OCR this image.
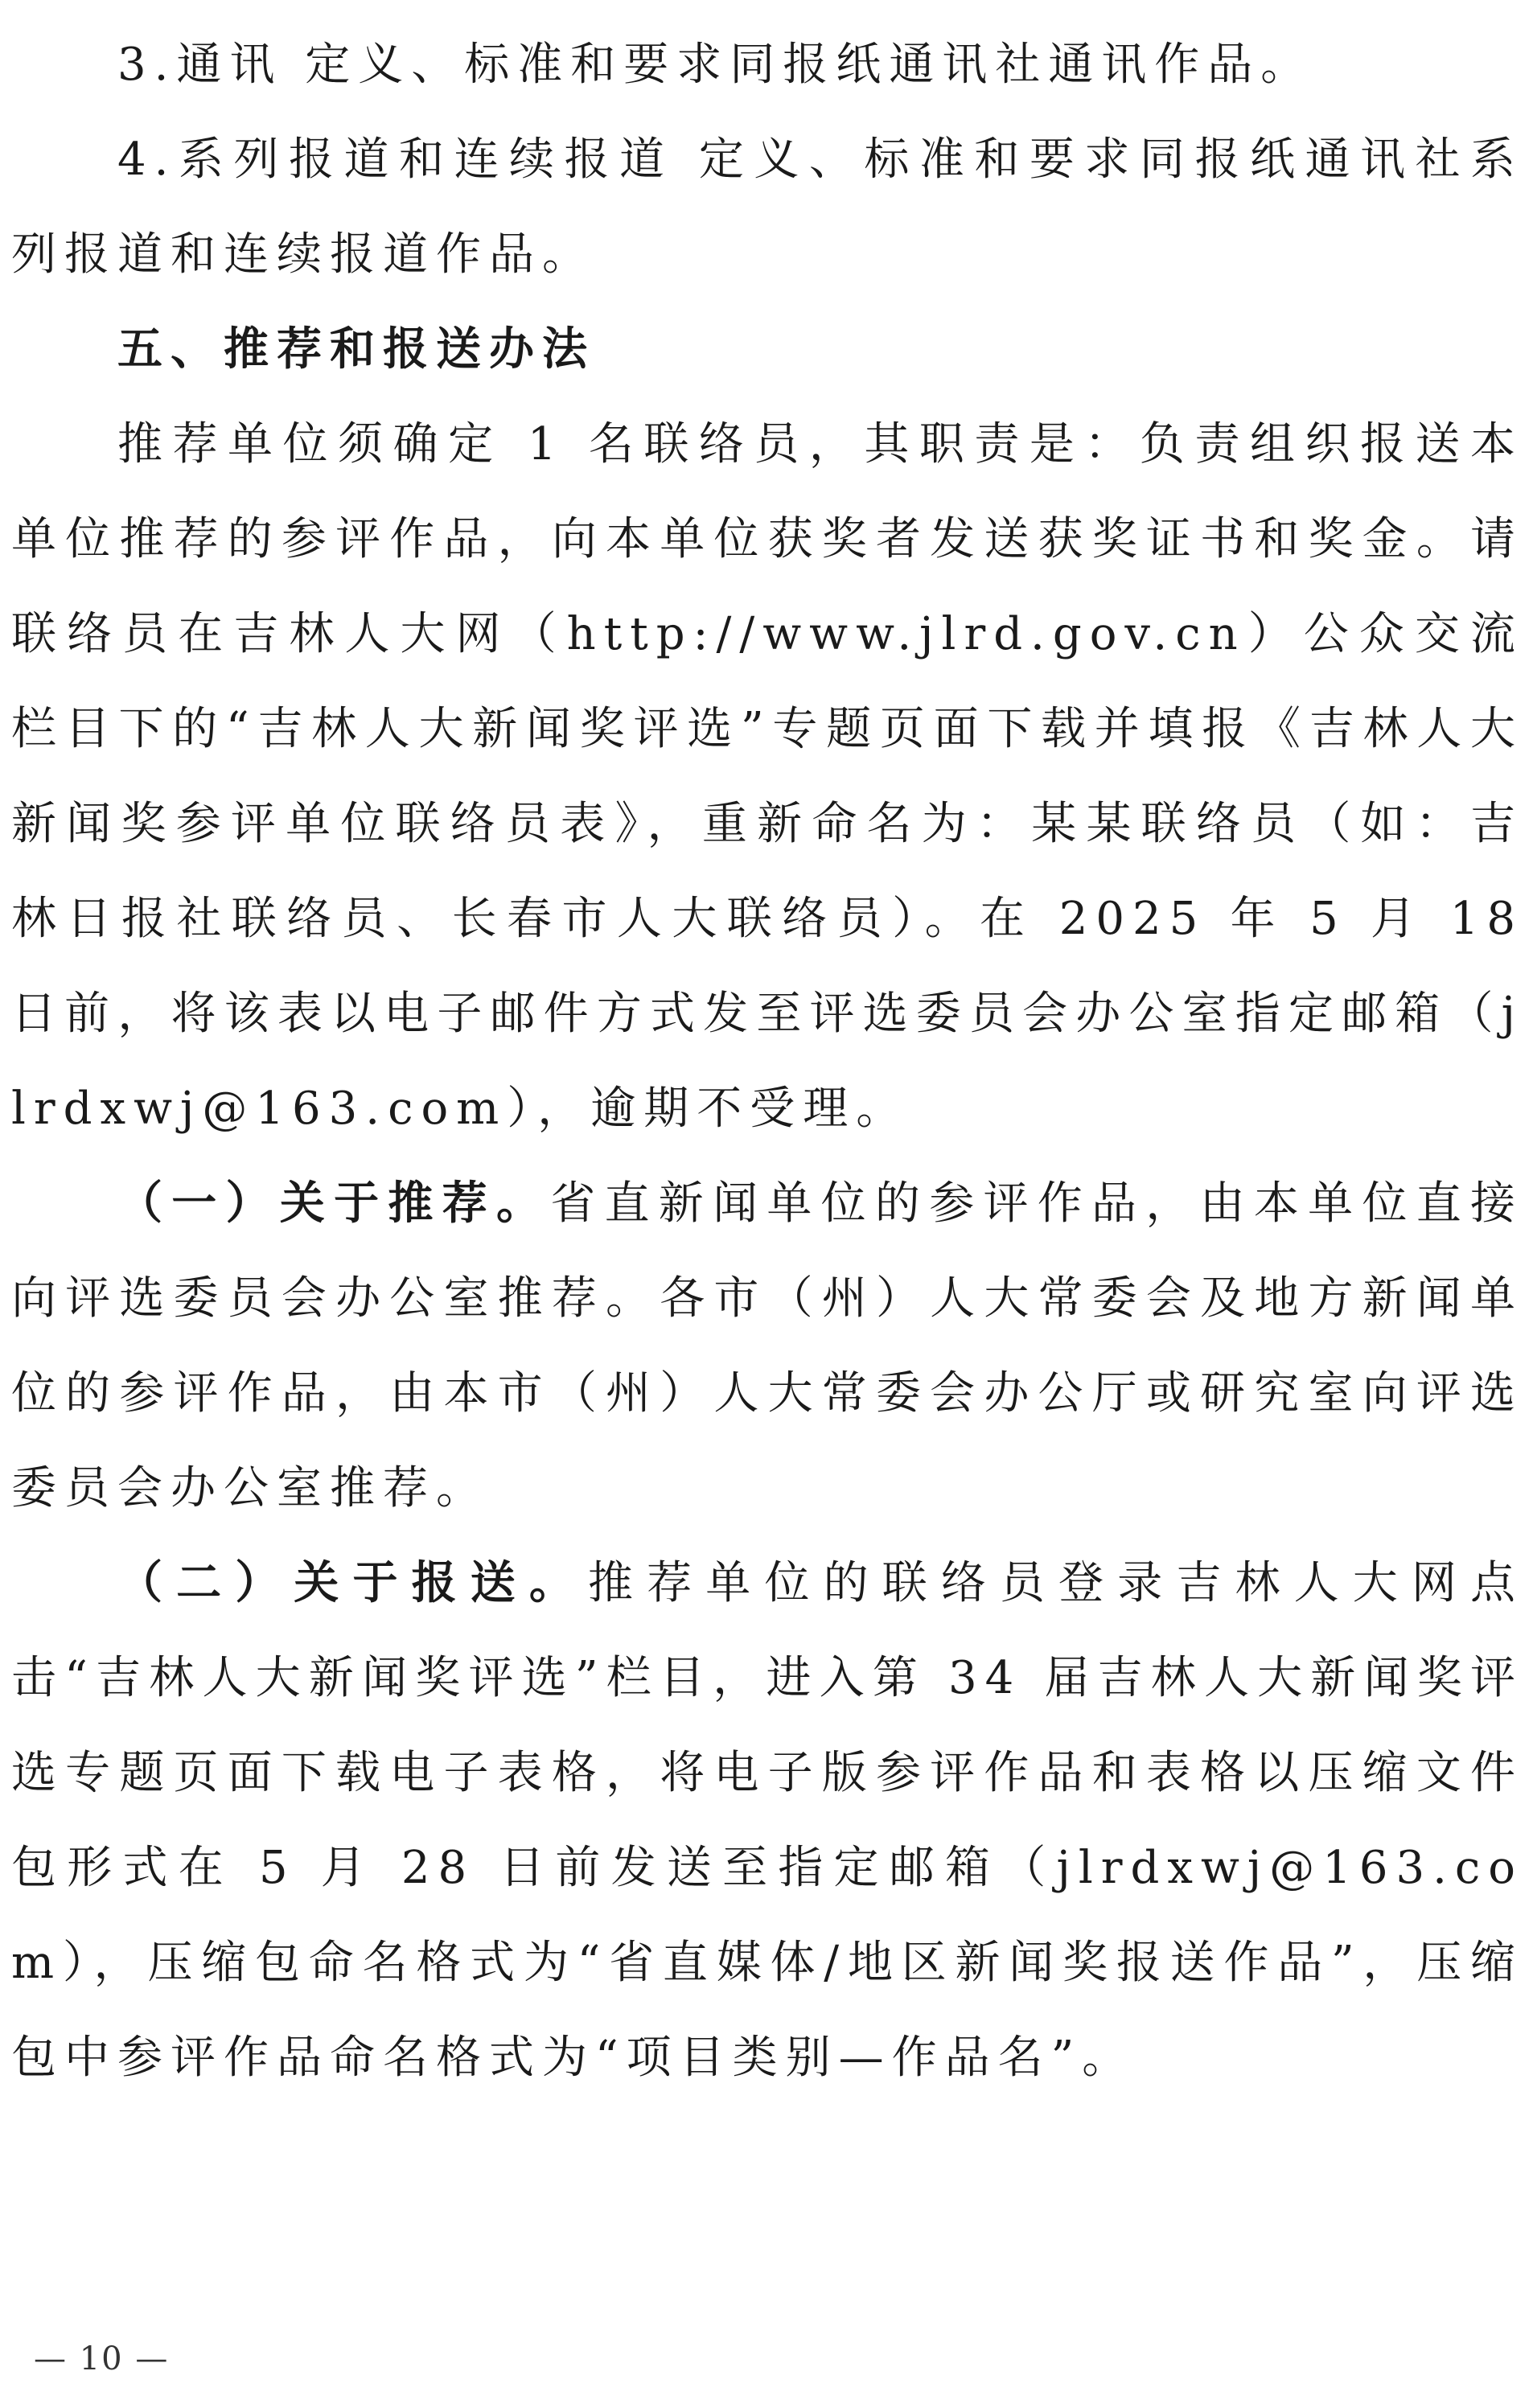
3.通讯 定义、标准和要求同报纸通讯社通讯作品。

4.系列报道和连续报道 定义、标准和要求同报纸通讯社系列报道和连续报道作品。

五、推荐和报送办法

推荐单位须确定 1 名联络员，其职责是：负责组织报送本单位推荐的参评作品，向本单位获奖者发送获奖证书和奖金。请联络员在吉林人大网（http://www.jlrd.gov.cn）公众交流栏目下的“吉林人大新闻奖评选”专题页面下载并填报《吉林人大新闻奖参评单位联络员表》，重新命名为：某某联络员（如：吉林日报社联络员、长春市人大联络员）。在 2025 年 5 月 18 日前，将该表以电子邮件方式发至评选委员会办公室指定邮箱（jlrdxwj@163.com），逾期不受理。

（一）关于推荐。省直新闻单位的参评作品，由本单位直接向评选委员会办公室推荐。各市（州）人大常委会及地方新闻单位的参评作品，由本市（州）人大常委会办公厅或研究室向评选委员会办公室推荐。

（二）关于报送。推荐单位的联络员登录吉林人大网点击“吉林人大新闻奖评选”栏目，进入第 34 届吉林人大新闻奖评选专题页面下载电子表格，将电子版参评作品和表格以压缩文件包形式在 5 月 28 日前发送至指定邮箱（jlrdxwj@163.com），压缩包命名格式为“省直媒体/地区新闻奖报送作品”，压缩包中参评作品命名格式为“项目类别—作品名”。

— 10 —
